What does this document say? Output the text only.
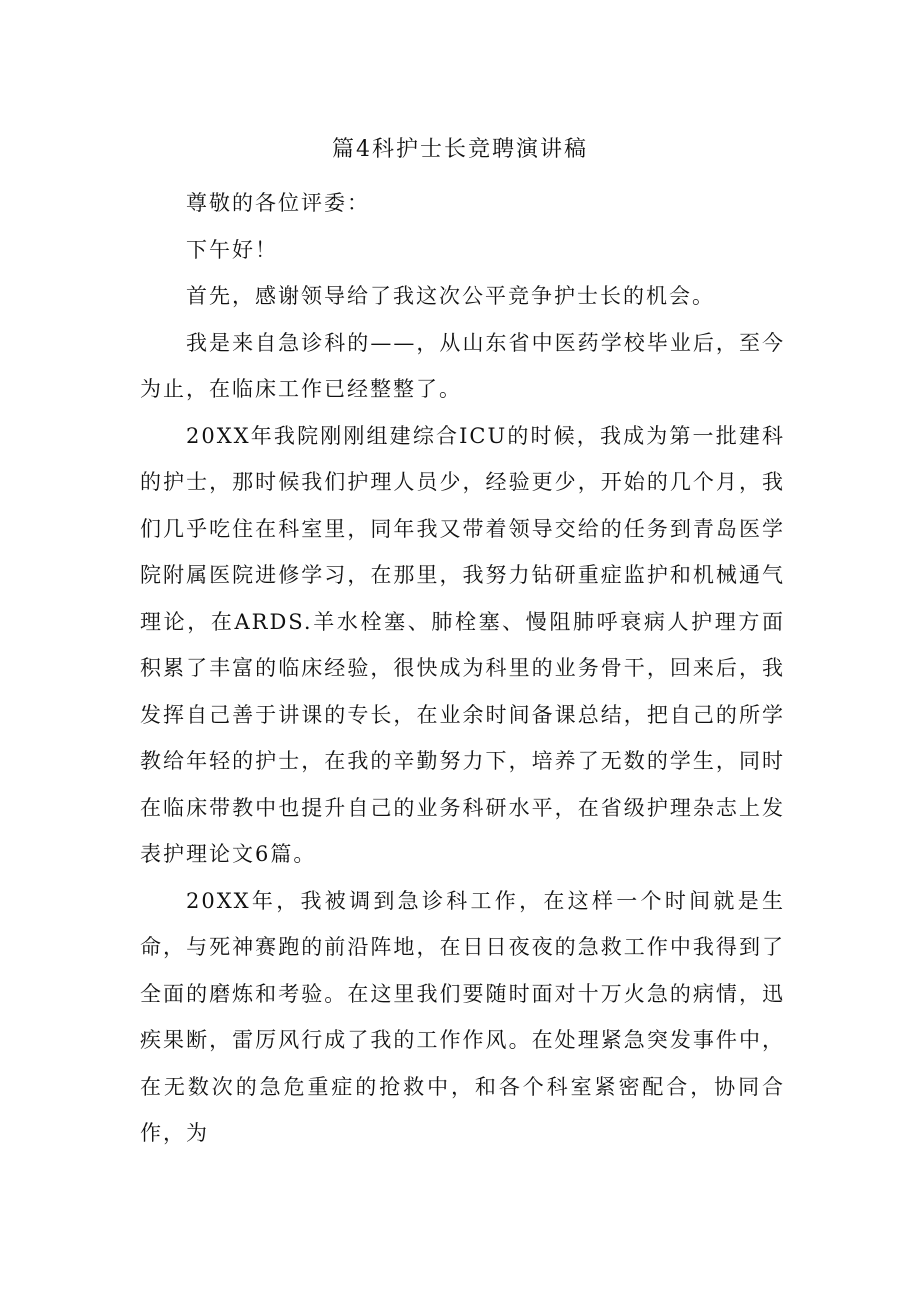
篇4科护士长竞聘演讲稿

尊敬的各位评委：

下午好！

首先，感谢领导给了我这次公平竞争护士长的机会。

我是来自急诊科的——，从山东省中医药学校毕业后，至今为止，在临床工作已经整整了。

20XX年我院刚刚组建综合ICU的时候，我成为第一批建科的护士，那时候我们护理人员少，经验更少，开始的几个月，我们几乎吃住在科室里，同年我又带着领导交给的任务到青岛医学院附属医院进修学习，在那里，我努力钻研重症监护和机械通气理论，在ARDS.羊水栓塞、肺栓塞、慢阻肺呼衰病人护理方面积累了丰富的临床经验，很快成为科里的业务骨干，回来后，我发挥自己善于讲课的专长，在业余时间备课总结，把自己的所学教给年轻的护士，在我的辛勤努力下，培养了无数的学生，同时在临床带教中也提升自己的业务科研水平，在省级护理杂志上发表护理论文6篇。

20XX年，我被调到急诊科工作，在这样一个时间就是生命，与死神赛跑的前沿阵地，在日日夜夜的急救工作中我得到了全面的磨炼和考验。在这里我们要随时面对十万火急的病情，迅疾果断，雷厉风行成了我的工作作风。在处理紧急突发事件中，在无数次的急危重症的抢救中，和各个科室紧密配合，协同合作，为
